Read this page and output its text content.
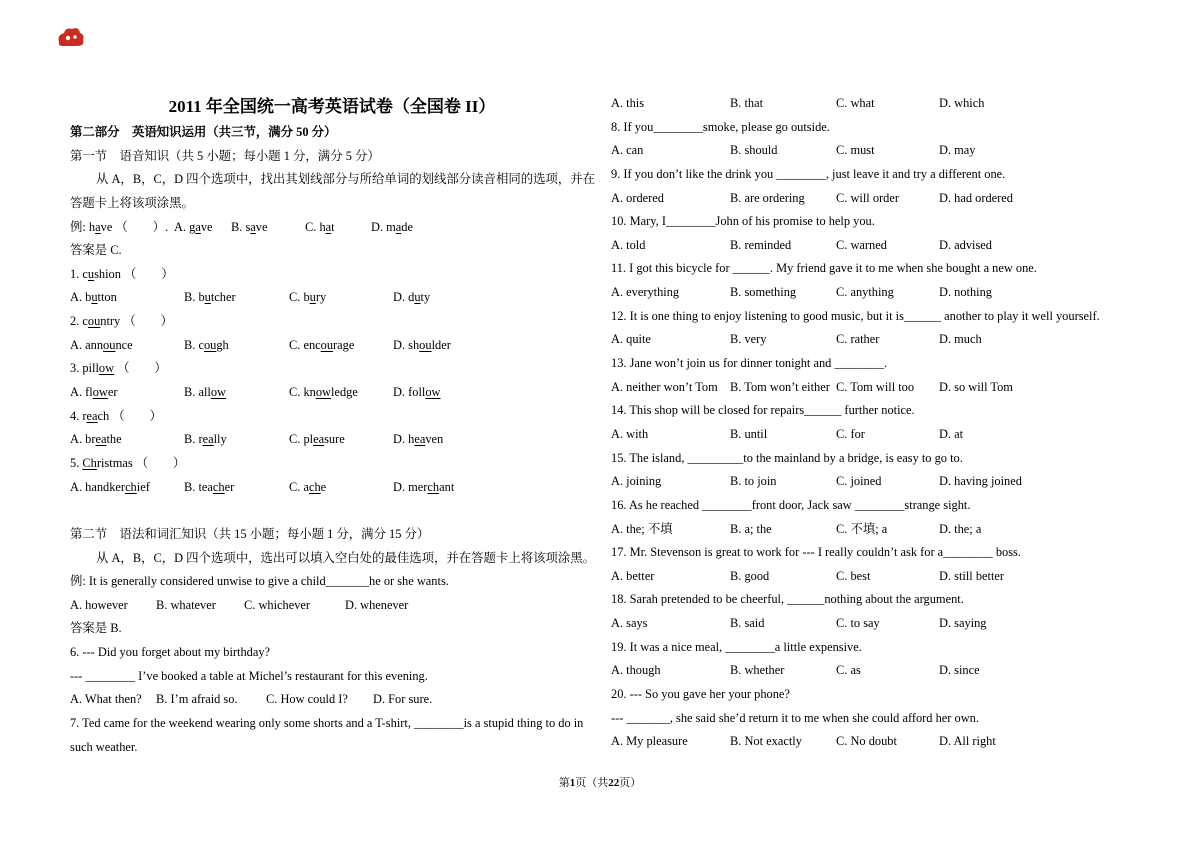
2011 年全国统一高考英语试卷（全国卷 II）
第二部分　英语知识运用（共三节，满分 50 分）
第一节　语音知识（共 5 小题；每小题 1 分，满分 5 分）
从 A，B，C，D 四个选项中，找出其划线部分与所给单词的划线部分读音相同的选项，并在
答题卡上将该项涂黑。
例: have （　　）. A. gave	B. save	C. hat	D. made
答案是 C.
1. cushion （　　）
A. button	B. butcher	C. bury	D. duty
2. country （　　）
A. announce	B. cough	C. encourage	D. shoulder
3. pillow （　　）
A. flower	B. allow	C. knowledge	D. follow
4. reach （　　）
A. breathe	B. really	C. pleasure	D. heaven
5. Christmas （　　）
A. handkerchief	B. teacher	C. ache	D. merchant
第二节　语法和词汇知识（共 15 小题；每小题 1 分，满分 15 分）
从 A，B，C，D 四个选项中，选出可以填入空白处的最佳选项，并在答题卡上将该项涂黑。
例: It is generally considered unwise to give a child_______he or she wants.
A. however	B. whatever	C. whichever	D. whenever
答案是 B.
6. --- Did you forget about my birthday?
--- ________ I’ve booked a table at Michel’s restaurant for this evening.
A. What then?	B. I’m afraid so.	C. How could I?	D. For sure.
7. Ted came for the weekend wearing only some shorts and a T-shirt, ________is a stupid thing to do in
such weather.
A. this	B. that	C. what	D. which
8. If you________smoke, please go outside.
A. can	B. should	C. must	D. may
9. If you don’t like the drink you ________, just leave it and try a different one.
A. ordered	B. are ordering	C. will order	D. had ordered
10. Mary, I________John of his promise to help you.
A. told	B. reminded	C. warned	D. advised
11. I got this bicycle for ______. My friend gave it to me when she bought a new one.
A. everything	B. something	C. anything	D. nothing
12. It is one thing to enjoy listening to good music, but it is______ another to play it well yourself.
A. quite	B. very	C. rather	D. much
13. Jane won’t join us for dinner tonight and ________.
A. neither won’t Tom B. Tom won’t either C. Tom will too	D. so will Tom
14. This shop will be closed for repairs______ further notice.
A. with	B. until	C. for	D. at
15. The island, _________to the mainland by a bridge, is easy to go to.
A. joining	B. to join	C. joined	D. having joined
16. As he reached ________front door, Jack saw ________strange sight.
A. the; 不填	B. a; the	C. 不填; a	D. the; a
17. Mr. Stevenson is great to work for --- I really couldn’t ask for a________ boss.
A. better	B. good	C. best	D. still better
18. Sarah pretended to be cheerful, ______nothing about the argument.
A. says	B. said	C. to say	D. saying
19. It was a nice meal, ________a little expensive.
A. though	B. whether	C. as	D. since
20. --- So you gave her your phone?
--- _______, she said she’d return it to me when she could afford her own.
A. My pleasure	B. Not exactly	C. No doubt	D. All right
第1页（共22页）
